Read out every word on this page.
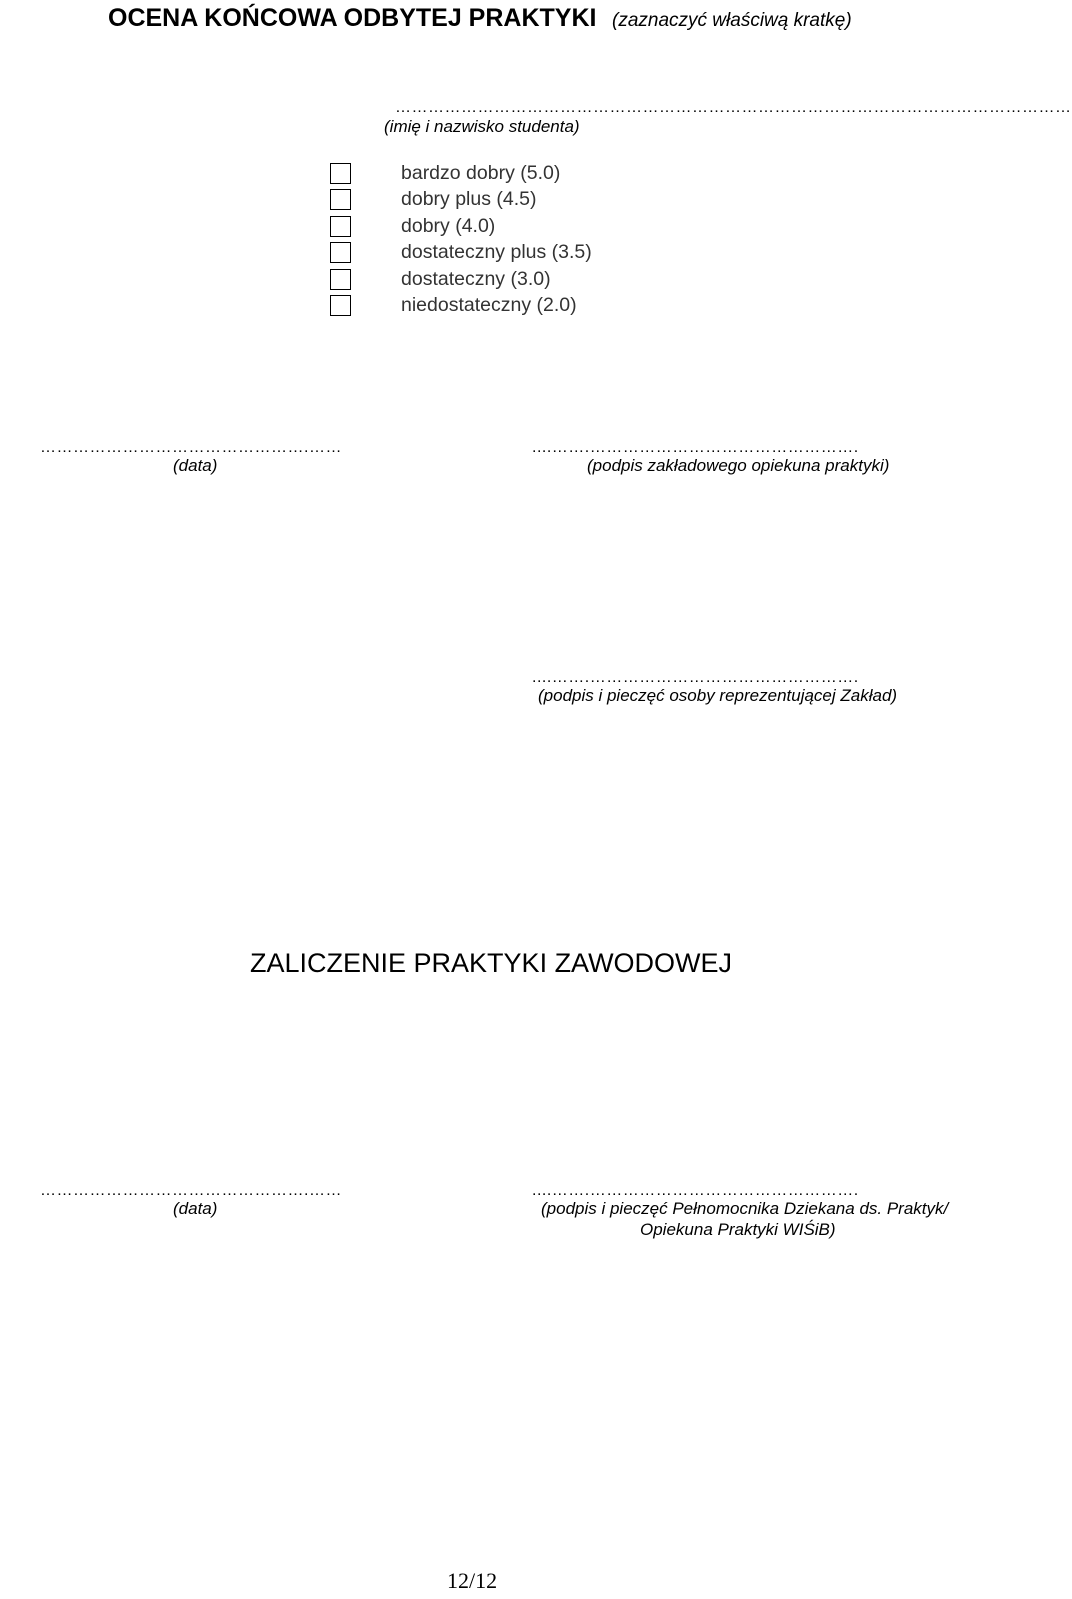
OCENA KOŃCOWA ODBYTEJ PRAKTYKI (zaznaczyć właściwą kratkę)
……………………………………………………………………………………………………………
(imię i nazwisko studenta)
bardzo dobry (5.0)
dobry plus (4.5)
dobry (4.0)
dostateczny plus (3.5)
dostateczny (3.0)
niedostateczny (2.0)
………………………………………….……
(data)
....…….………………………………………….
(podpis zakładowego opiekuna praktyki)
....…….………………………………………….
(podpis i pieczęć osoby reprezentującej Zakład)
ZALICZENIE PRAKTYKI ZAWODOWEJ
………………………………………….……
(data)
....…….………………………………………….
(podpis i pieczęć Pełnomocnika Dziekana ds. Praktyk/
Opiekuna Praktyki WIŚiB)
12/12
